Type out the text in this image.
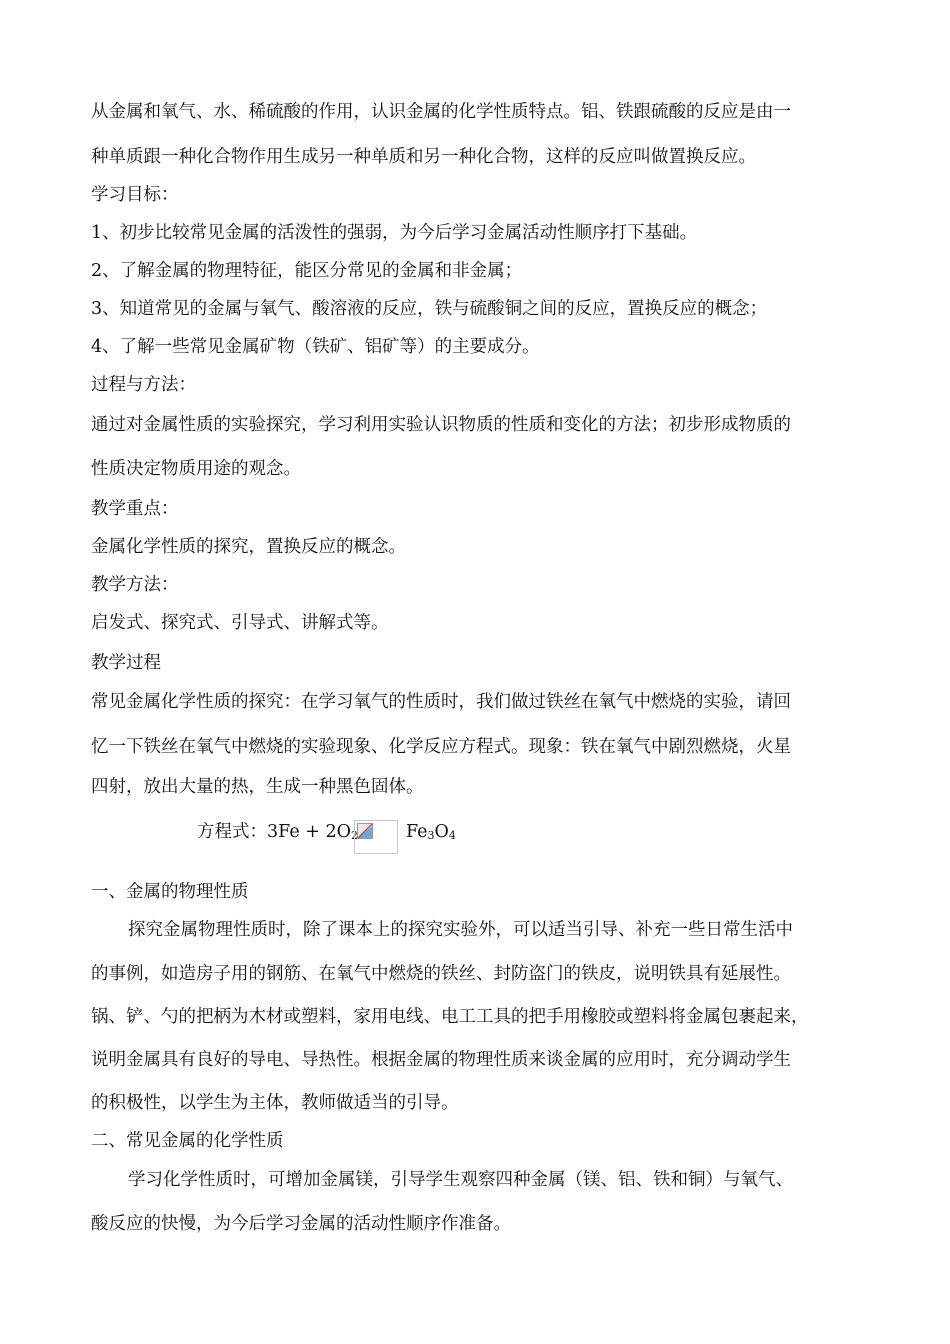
从金属和氧气、水、稀硫酸的作用，认识金属的化学性质特点。铝、铁跟硫酸的反应是由一
种单质跟一种化合物作用生成另一种单质和另一种化合物，这样的反应叫做置换反应。
学习目标：
1、初步比较常见金属的活泼性的强弱，为今后学习金属活动性顺序打下基础。
2、了解金属的物理特征，能区分常见的金属和非金属；
3、知道常见的金属与氧气、酸溶液的反应，铁与硫酸铜之间的反应，置换反应的概念；
4、了解一些常见金属矿物（铁矿、铝矿等）的主要成分。
过程与方法：
通过对金属性质的实验探究，学习利用实验认识物质的性质和变化的方法；初步形成物质的
性质决定物质用途的观念。
教学重点：
金属化学性质的探究，置换反应的概念。
教学方法：
启发式、探究式、引导式、讲解式等。
教学过程
常见金属化学性质的探究：在学习氧气的性质时，我们做过铁丝在氧气中燃烧的实验，请回
忆一下铁丝在氧气中燃烧的实验现象、化学反应方程式。现象：铁在氧气中剧烈燃烧，火星
四射，放出大量的热，生成一种黑色固体。
方程式：$3Fe + 2O_2$	$Fe_3O_4$
一、金属的物理性质
探究金属物理性质时，除了课本上的探究实验外，可以适当引导、补充一些日常生活中
的事例，如造房子用的钢筋、在氧气中燃烧的铁丝、封防盗门的铁皮，说明铁具有延展性。
锅、铲、勺的把柄为木材或塑料，家用电线、电工工具的把手用橡胶或塑料将金属包裹起来，
说明金属具有良好的导电、导热性。根据金属的物理性质来谈金属的应用时，充分调动学生
的积极性，以学生为主体，教师做适当的引导。
二、常见金属的化学性质
学习化学性质时，可增加金属镁，引导学生观察四种金属（镁、铝、铁和铜）与氧气、
酸反应的快慢，为今后学习金属的活动性顺序作准备。
